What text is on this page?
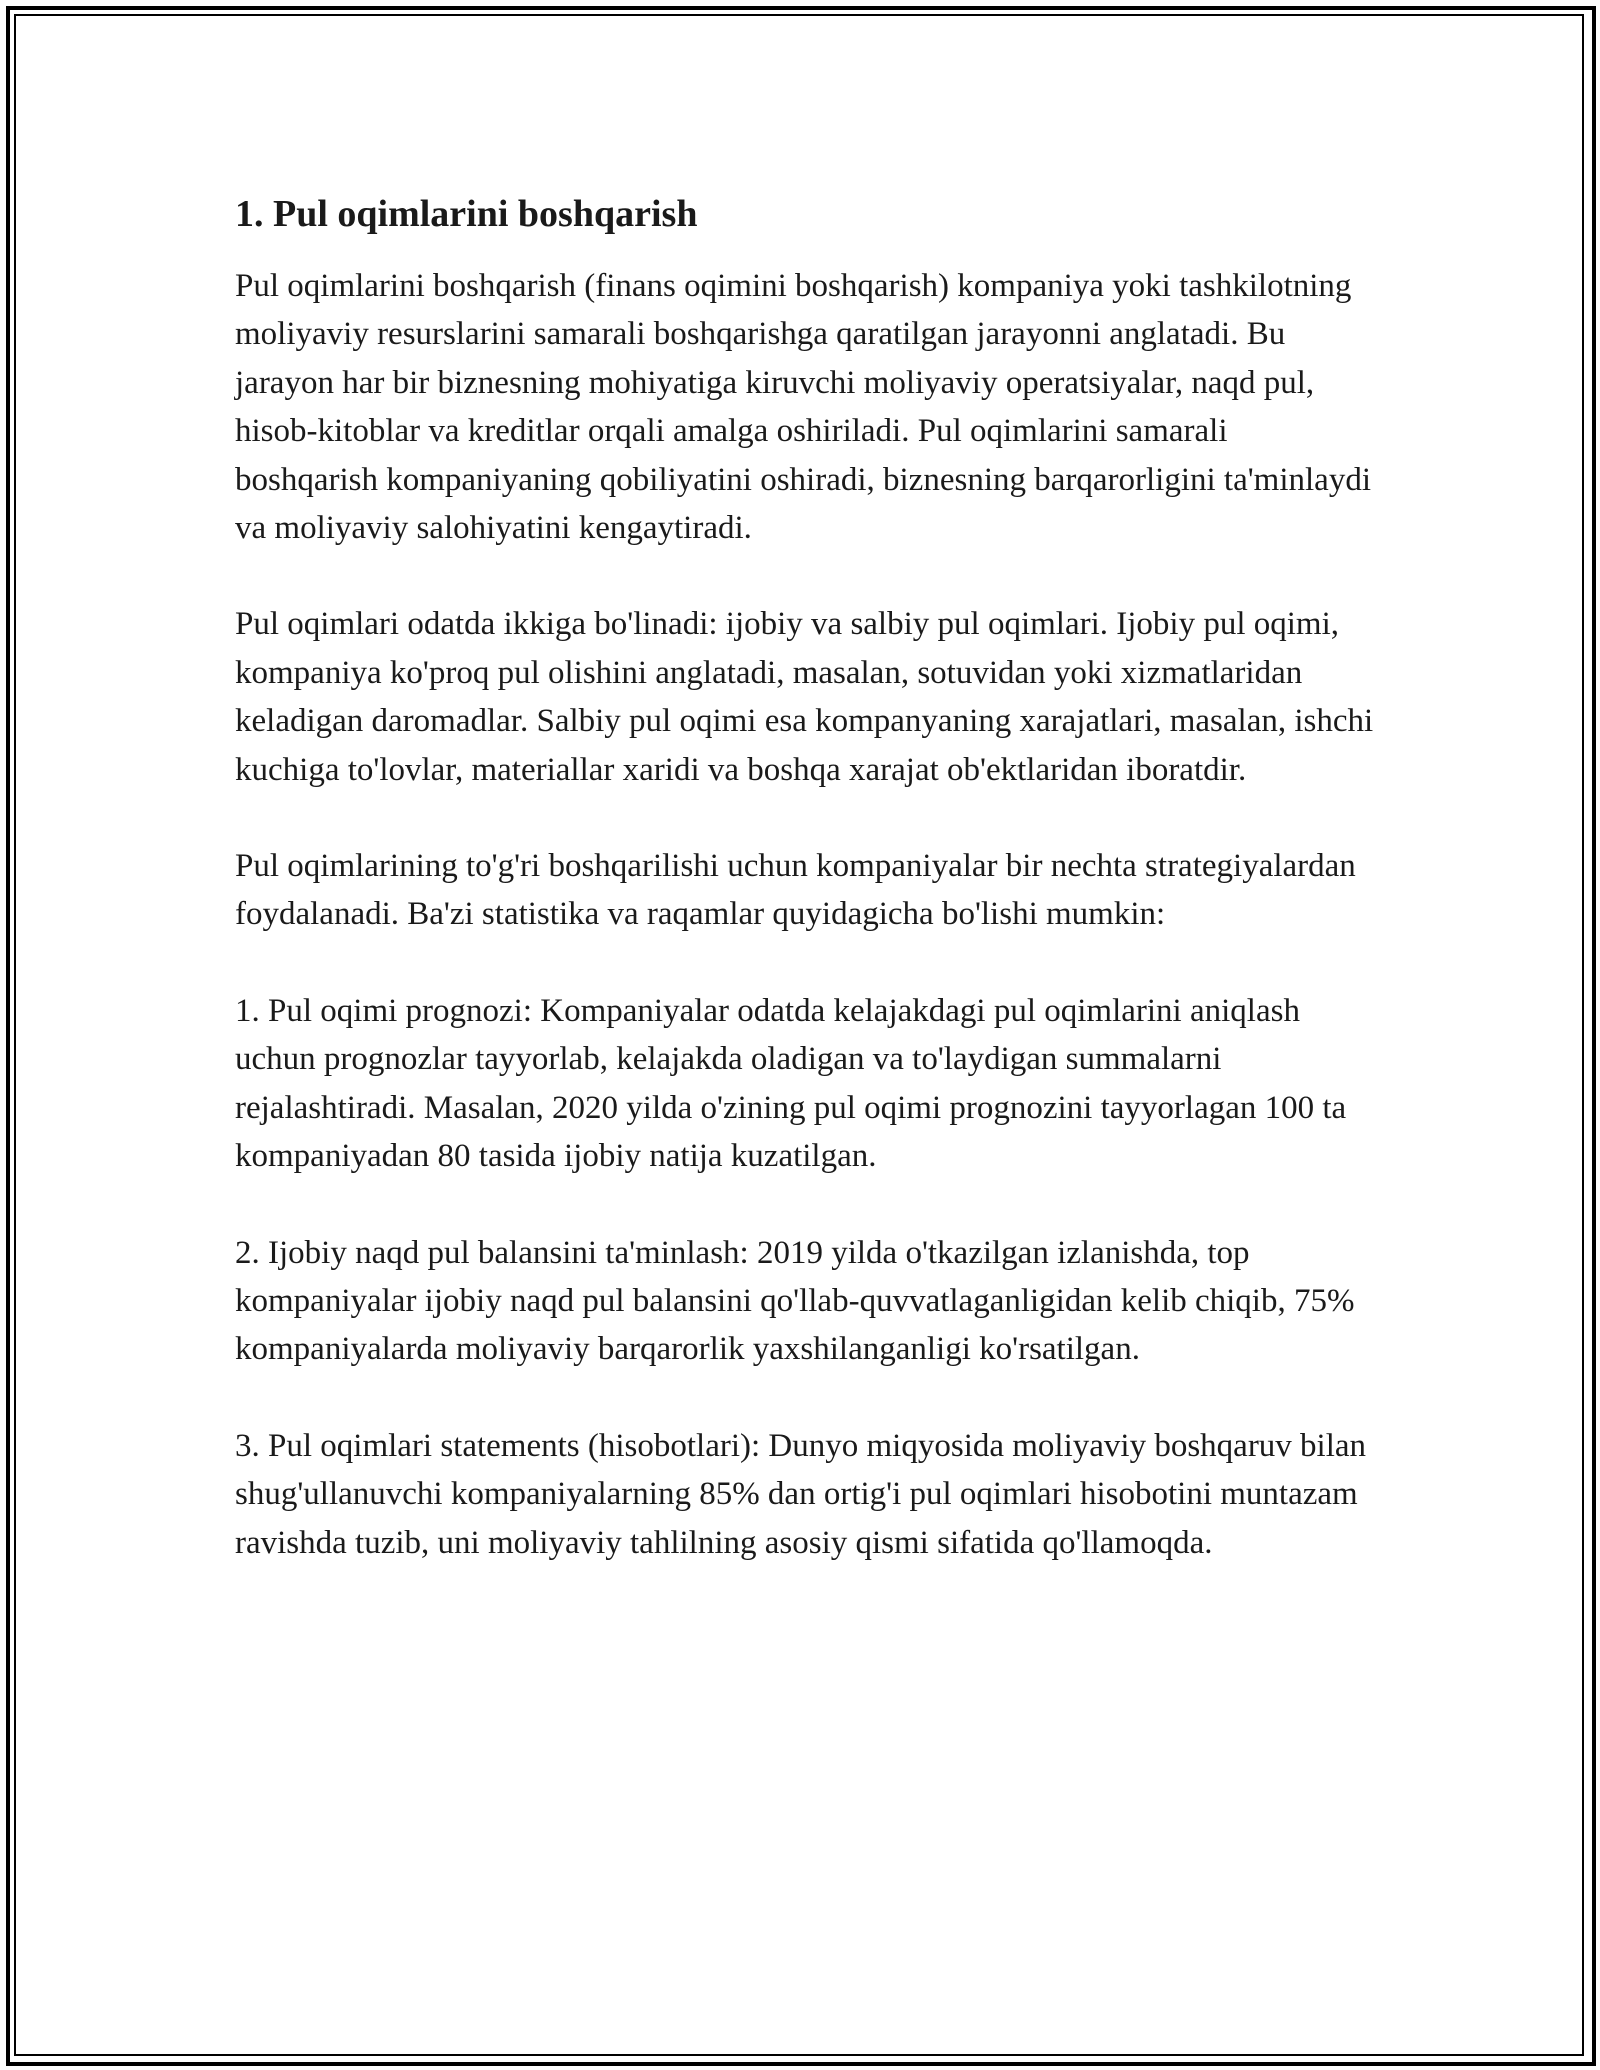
1. Pul oqimlarini boshqarish

Pul oqimlarini boshqarish (finans oqimini boshqarish) kompaniya yoki tashkilotning moliyaviy resurslarini samarali boshqarishga qaratilgan jarayonni anglatadi. Bu jarayon har bir biznesning mohiyatiga kiruvchi moliyaviy operatsiyalar, naqd pul, hisob-kitoblar va kreditlar orqali amalga oshiriladi. Pul oqimlarini samarali boshqarish kompaniyaning qobiliyatini oshiradi, biznesning barqarorligini ta'minlaydi va moliyaviy salohiyatini kengaytiradi.

Pul oqimlari odatda ikkiga bo'linadi: ijobiy va salbiy pul oqimlari. Ijobiy pul oqimi, kompaniya ko'proq pul olishini anglatadi, masalan, sotuvidan yoki xizmatlaridan keladigan daromadlar. Salbiy pul oqimi esa kompanyaning xarajatlari, masalan, ishchi kuchiga to'lovlar, materiallar xaridi va boshqa xarajat ob'ektlaridan iboratdir.

Pul oqimlarining to'g'ri boshqarilishi uchun kompaniyalar bir nechta strategiyalardan foydalanadi. Ba'zi statistika va raqamlar quyidagicha bo'lishi mumkin:

1. Pul oqimi prognozi: Kompaniyalar odatda kelajakdagi pul oqimlarini aniqlash uchun prognozlar tayyorlab, kelajakda oladigan va to'laydigan summalarni rejalashtiradi. Masalan, 2020 yilda o'zining pul oqimi prognozini tayyorlagan 100 ta kompaniyadan 80 tasida ijobiy natija kuzatilgan.

2. Ijobiy naqd pul balansini ta'minlash: 2019 yilda o'tkazilgan izlanishda, top kompaniyalar ijobiy naqd pul balansini qo'llab-quvvatlaganligidan kelib chiqib, 75% kompaniyalarda moliyaviy barqarorlik yaxshilanganligi ko'rsatilgan.

3. Pul oqimlari statements (hisobotlari): Dunyo miqyosida moliyaviy boshqaruv bilan shug'ullanuvchi kompaniyalarning 85% dan ortig'i pul oqimlari hisobotini muntazam ravishda tuzib, uni moliyaviy tahlilning asosiy qismi sifatida qo'llamoqda.
